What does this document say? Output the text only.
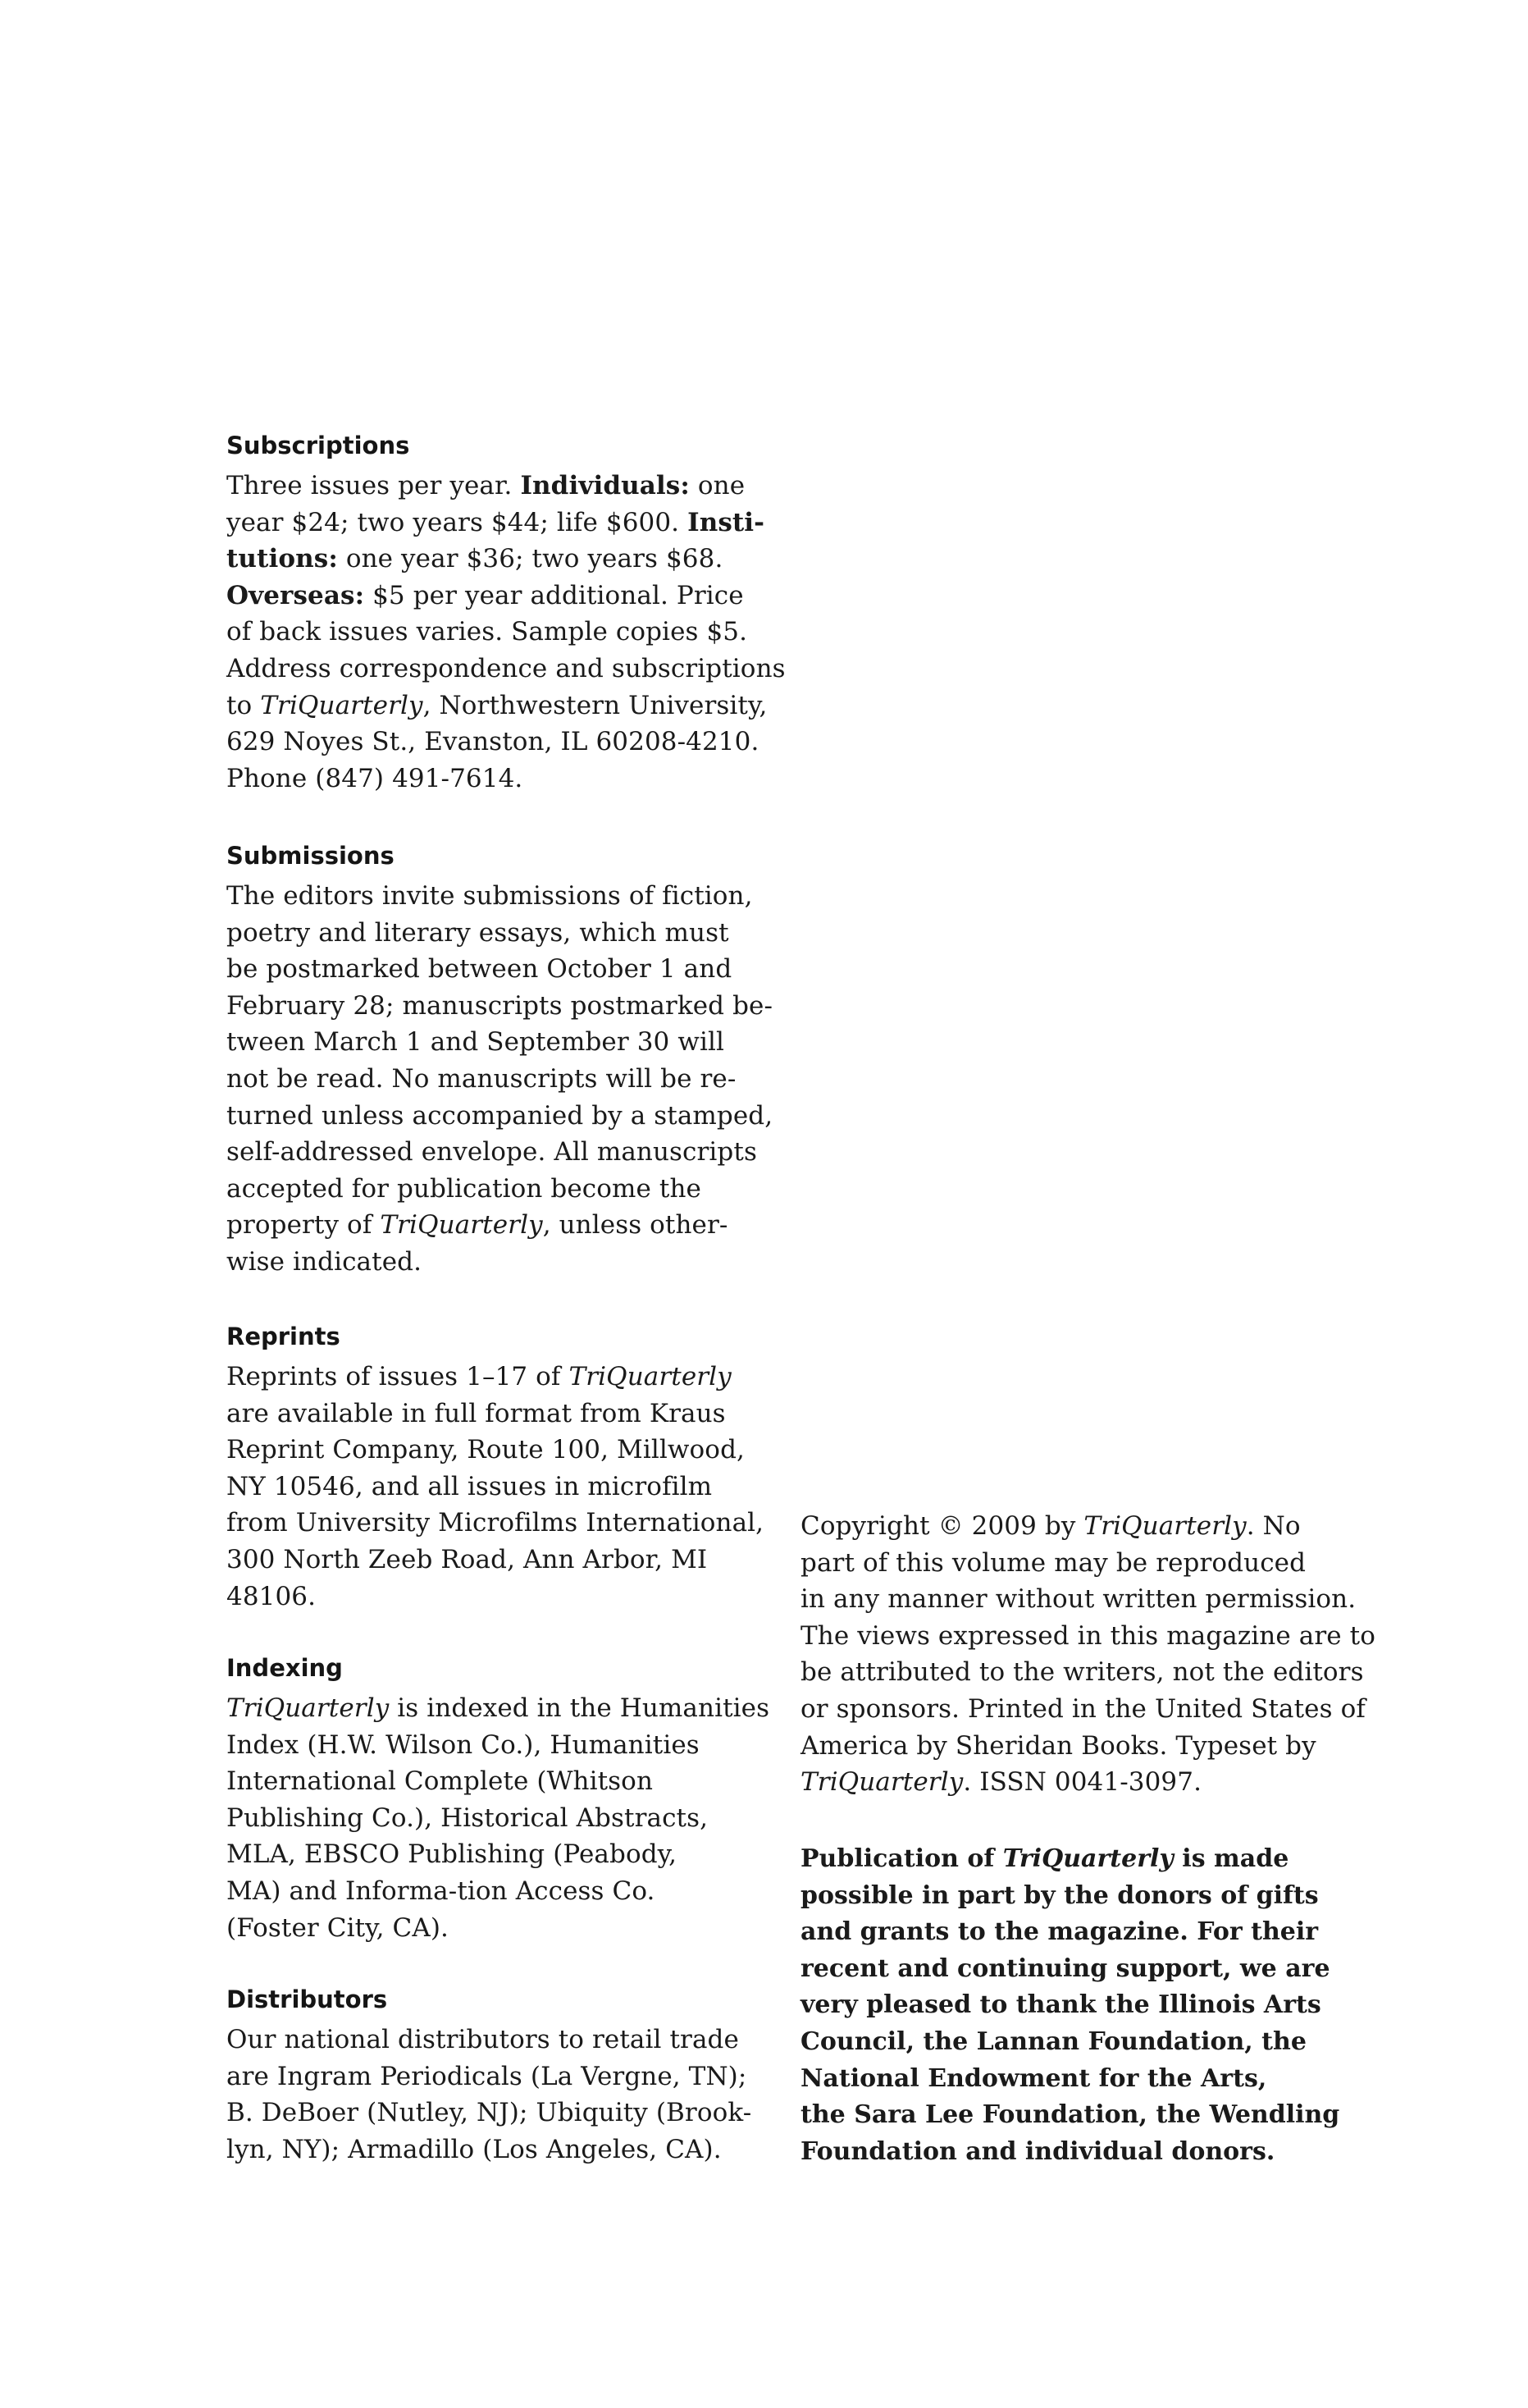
Subscriptions
Three issues per year. Individuals: one
year $24; two years $44; life $600. Insti-
tutions: one year $36; two years $68.
Overseas: $5 per year additional. Price
of back issues varies. Sample copies $5.
Address correspondence and subscriptions
to TriQuarterly, Northwestern University,
629 Noyes St., Evanston, IL 60208-4210.
Phone (847) 491-7614.
Submissions
The editors invite submissions of fiction,
poetry and literary essays, which must
be postmarked between October 1 and
February 28; manuscripts postmarked be-
tween March 1 and September 30 will
not be read. No manuscripts will be re-
turned unless accompanied by a stamped,
self-addressed envelope. All manuscripts
accepted for publication become the
property of TriQuarterly, unless other-
wise indicated.
Reprints
Reprints of issues 1–17 of TriQuarterly
are available in full format from Kraus
Reprint Company, Route 100, Millwood,
NY 10546, and all issues in microfilm
from University Microfilms International,
300 North Zeeb Road, Ann Arbor, MI
48106.
Indexing
TriQuarterly is indexed in the Humanities
Index (H.W. Wilson Co.), Humanities
International Complete (Whitson
Publishing Co.), Historical Abstracts,
MLA, EBSCO Publishing (Peabody,
MA) and Informa-tion Access Co.
(Foster City, CA).
Distributors
Our national distributors to retail trade
are Ingram Periodicals (La Vergne, TN);
B. DeBoer (Nutley, NJ); Ubiquity (Brook-
lyn, NY); Armadillo (Los Angeles, CA).
Copyright © 2009 by TriQuarterly. No
part of this volume may be reproduced
in any manner without written permission.
The views expressed in this magazine are to
be attributed to the writers, not the editors
or sponsors. Printed in the United States of
America by Sheridan Books. Typeset by
TriQuarterly. ISSN 0041-3097.
Publication of TriQuarterly is made
possible in part by the donors of gifts
and grants to the magazine. For their
recent and continuing support, we are
very pleased to thank the Illinois Arts
Council, the Lannan Foundation, the
National Endowment for the Arts,
the Sara Lee Foundation, the Wendling
Foundation and individual donors.
